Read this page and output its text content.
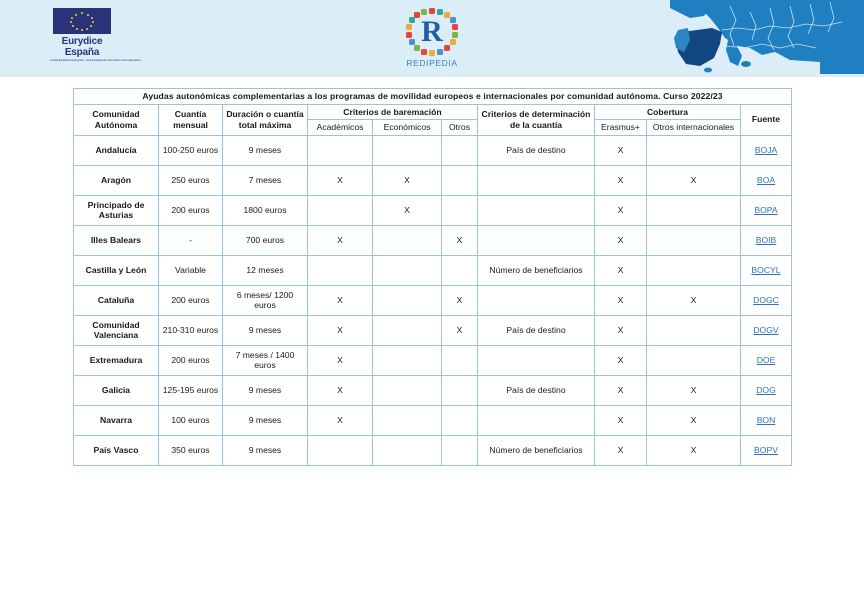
Eurydice
España
Unidad Española de Eurydice · Red Española de Información sobre Educación
R
REDIPEDIA
Ayudas autonómicas complementarias a los programas de movilidad europeos e internacionales por comunidad autónoma. Curso 2022/23									
Comunidad Autónoma	Cuantía mensual	Duración o cuantía total máxima	Criterios de baremación			Criterios de determinación de la cuantía	Cobertura		Fuente
			Académicos	Económicos	Otros		Erasmus+	Otros internacionales	
Andalucía	100-250 euros	9 meses				País de destino	X		BOJA
Aragón	250 euros	7 meses	X	X			X	X	BOA
Principado de Asturias	200 euros	1800 euros		X			X		BOPA
Illes Balears	-	700 euros	X		X		X		BOIB
Castilla y León	Variable	12 meses				Número de beneficiarios	X		BOCYL
Cataluña	200 euros	6 meses/ 1200 euros	X		X		X	X	DOGC
Comunidad Valenciana	210-310 euros	9 meses	X		X	País de destino	X		DOGV
Extremadura	200 euros	7 meses / 1400 euros	X				X		DOE
Galicia	125-195 euros	9 meses	X			País de destino	X	X	DOG
Navarra	100 euros	9 meses	X				X	X	BON
País Vasco	350 euros	9 meses				Número de beneficiarios	X	X	BOPV
